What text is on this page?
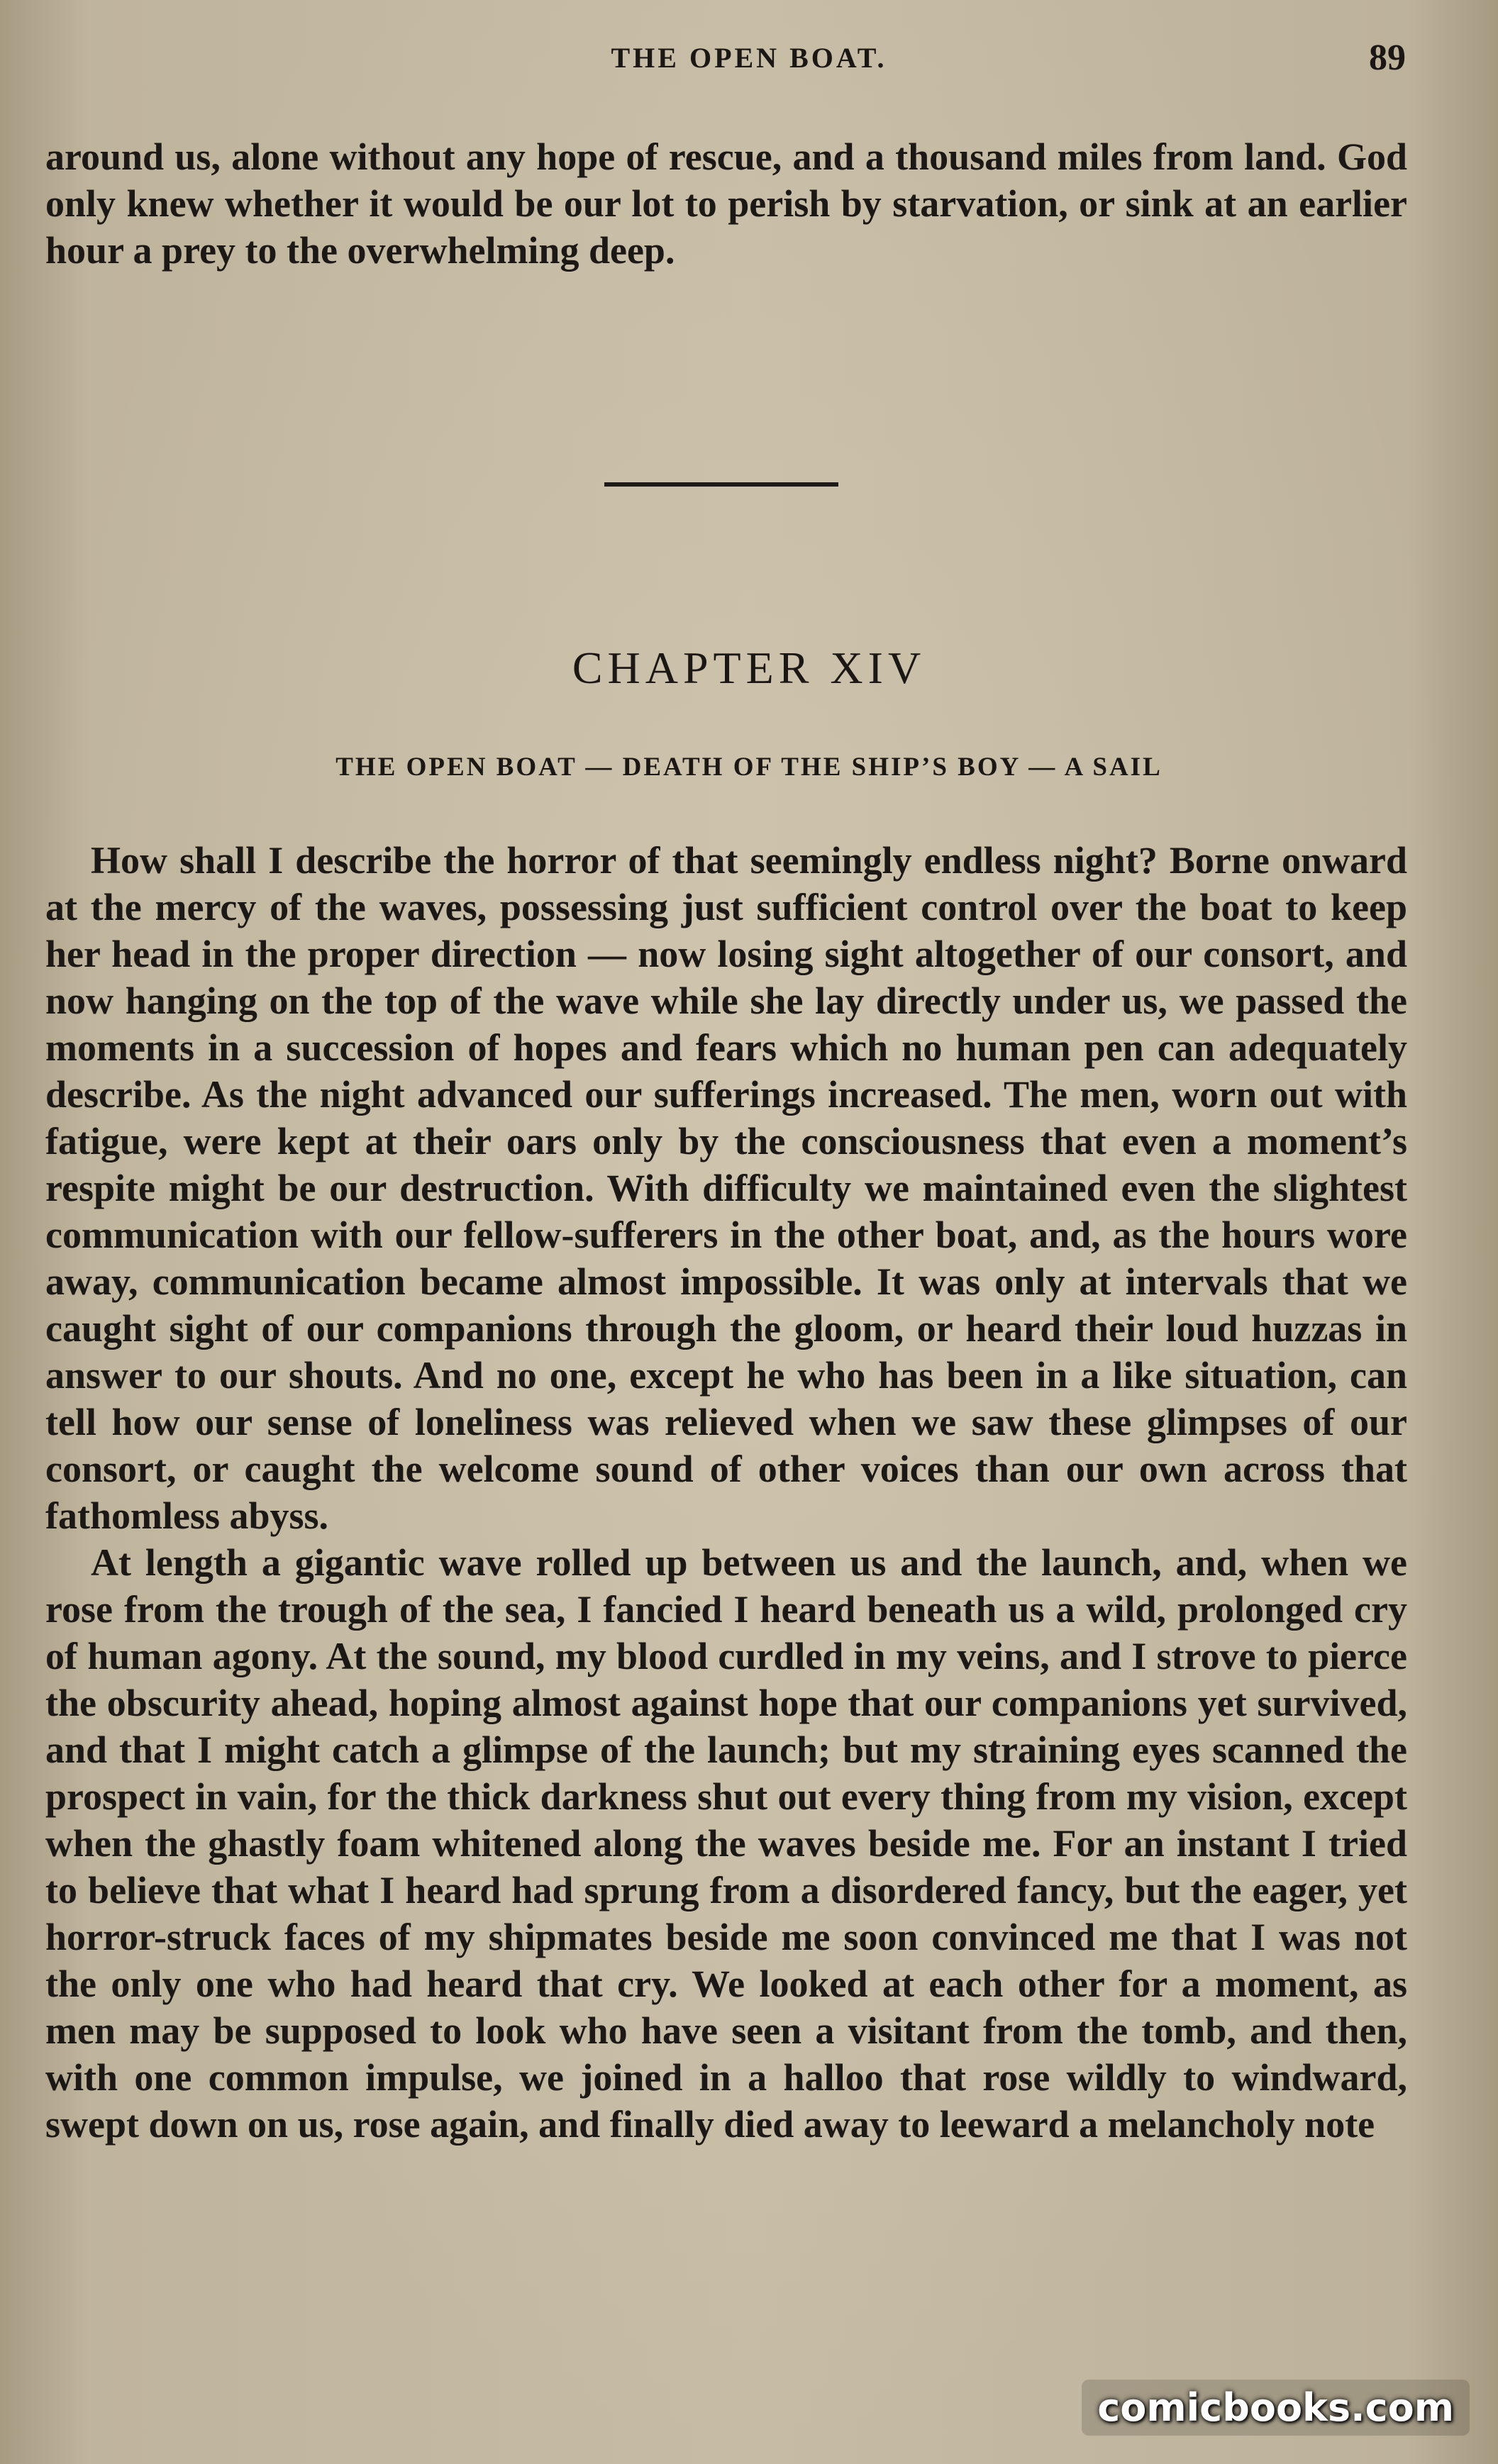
THE OPEN BOAT.	89
around us, alone without any hope of rescue, and a thousand miles from land. God only knew whether it would be our lot to perish by starvation, or sink at an earlier hour a prey to the overwhelming deep.
CHAPTER XIV
THE OPEN BOAT — DEATH OF THE SHIP’S BOY — A SAIL

How shall I describe the horror of that seemingly endless night? Borne onward at the mercy of the waves, possessing just sufficient control over the boat to keep her head in the proper direction — now losing sight altogether of our consort, and now hanging on the top of the wave while she lay directly under us, we passed the moments in a succession of hopes and fears which no human pen can adequately describe. As the night advanced our sufferings increased. The men, worn out with fatigue, were kept at their oars only by the consciousness that even a moment’s respite might be our destruction. With difficulty we maintained even the slightest communication with our fellow-sufferers in the other boat, and, as the hours wore away, communication became almost impossible. It was only at intervals that we caught sight of our companions through the gloom, or heard their loud huzzas in answer to our shouts. And no one, except he who has been in a like situation, can tell how our sense of loneliness was relieved when we saw these glimpses of our consort, or caught the welcome sound of other voices than our own across that fathomless abyss.

At length a gigantic wave rolled up between us and the launch, and, when we rose from the trough of the sea, I fancied I heard beneath us a wild, prolonged cry of human agony. At the sound, my blood curdled in my veins, and I strove to pierce the obscurity ahead, hoping almost against hope that our companions yet survived, and that I might catch a glimpse of the launch; but my straining eyes scanned the prospect in vain, for the thick darkness shut out every thing from my vision, except when the ghastly foam whitened along the waves beside me. For an instant I tried to believe that what I heard had sprung from a disordered fancy, but the eager, yet horror-struck faces of my shipmates beside me soon convinced me that I was not the only one who had heard that cry. We looked at each other for a moment, as men may be supposed to look who have seen a visitant from the tomb, and then, with one common impulse, we joined in a halloo that rose wildly to windward, swept down on us, rose again, and finally died away to leeward a melancholy note

comicbooks.com
